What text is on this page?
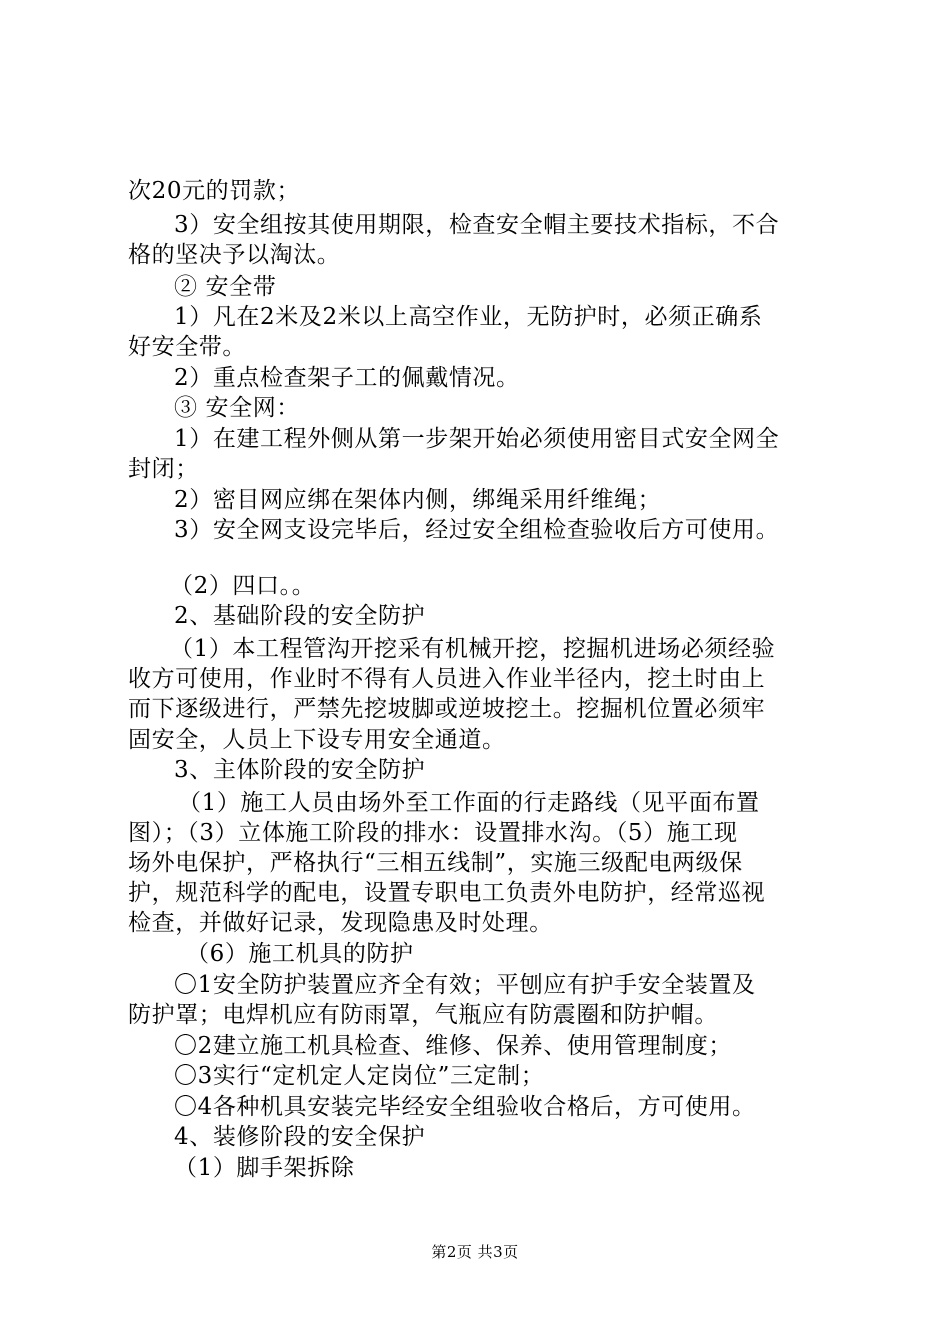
次20元的罚款；
3）安全组按其使用期限，检查安全帽主要技术指标，不合
格的坚决予以淘汰。
② 安全带
1）凡在2米及2米以上高空作业，无防护时，必须正确系
好安全带。
2）重点检查架子工的佩戴情况。
③ 安全网：
1）在建工程外侧从第一步架开始必须使用密目式安全网全
封闭；
2）密目网应绑在架体内侧，绑绳采用纤维绳；
3）安全网支设完毕后，经过安全组检查验收后方可使用。
（2）四口。。
2、基础阶段的安全防护
（1）本工程管沟开挖采有机械开挖，挖掘机进场必须经验
收方可使用，作业时不得有人员进入作业半径内，挖土时由上
而下逐级进行，严禁先挖坡脚或逆坡挖土。挖掘机位置必须牢
固安全，人员上下设专用安全通道。
3、主体阶段的安全防护
（1）施工人员由场外至工作面的行走路线（见平面布置
图）；（3）立体施工阶段的排水：设置排水沟。（5）施工现
场外电保护，严格执行“三相五线制”，实施三级配电两级保
护，规范科学的配电，设置专职电工负责外电防护，经常巡视
检查，并做好记录，发现隐患及时处理。
（6）施工机具的防护
〇1安全防护装置应齐全有效；平刨应有护手安全装置及
防护罩；电焊机应有防雨罩，气瓶应有防震圈和防护帽。
〇2建立施工机具检查、维修、保养、使用管理制度；
〇3实行“定机定人定岗位”三定制；
〇4各种机具安装完毕经安全组验收合格后，方可使用。
4、装修阶段的安全保护
（1）脚手架拆除
第2页 共3页
